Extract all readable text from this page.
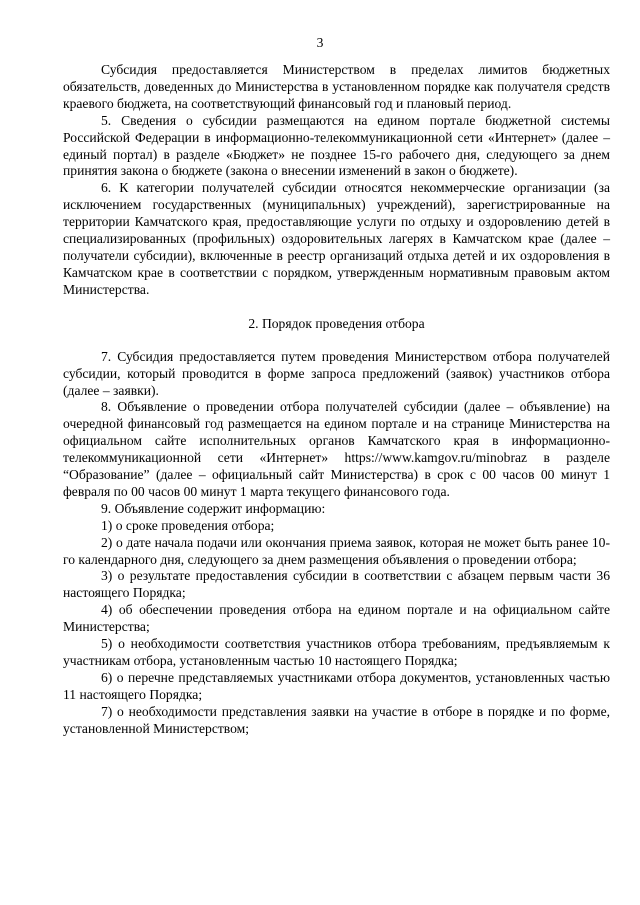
3

Субсидия предоставляется Министерством в пределах лимитов бюджетных обязательств, доведенных до Министерства в установленном порядке как получателя средств краевого бюджета, на соответствующий финансовый год и плановый период.

5. Сведения о субсидии размещаются на едином портале бюджетной системы Российской Федерации в информационно-телекоммуникационной сети «Интернет» (далее – единый портал) в разделе «Бюджет» не позднее 15-го рабочего дня, следующего за днем принятия закона о бюджете (закона о внесении изменений в закон о бюджете).

6. К категории получателей субсидии относятся некоммерческие организации (за исключением государственных (муниципальных) учреждений), зарегистрированные на территории Камчатского края, предоставляющие услуги по отдыху и оздоровлению детей в специализированных (профильных) оздоровительных лагерях в Камчатском крае (далее – получатели субсидии), включенные в реестр организаций отдыха детей и их оздоровления в Камчатском крае в соответствии с порядком, утвержденным нормативным правовым актом Министерства.

2. Порядок проведения отбора

7. Субсидия предоставляется путем проведения Министерством отбора получателей субсидии, который проводится в форме запроса предложений (заявок) участников отбора (далее – заявки).

8. Объявление о проведении отбора получателей субсидии (далее – объявление) на очередной финансовый год размещается на едином портале и на странице Министерства на официальном сайте исполнительных органов Камчатского края в информационно-телекоммуникационной сети «Интернет» https://www.kamgov.ru/minobraz в разделе “Образование” (далее – официальный сайт Министерства) в срок с 00 часов 00 минут 1 февраля по 00 часов 00 минут 1 марта текущего финансового года.

9. Объявление содержит информацию:

1) о сроке проведения отбора;

2) о дате начала подачи или окончания приема заявок, которая не может быть ранее 10-го календарного дня, следующего за днем размещения объявления о проведении отбора;

3) о результате предоставления субсидии в соответствии с абзацем первым части 36 настоящего Порядка;

4) об обеспечении проведения отбора на едином портале и на официальном сайте Министерства;

5) о необходимости соответствия участников отбора требованиям, предъявляемым к участникам отбора, установленным частью 10 настоящего Порядка;

6) о перечне представляемых участниками отбора документов, установленных частью 11 настоящего Порядка;

7) о необходимости представления заявки на участие в отборе в порядке и по форме, установленной Министерством;
